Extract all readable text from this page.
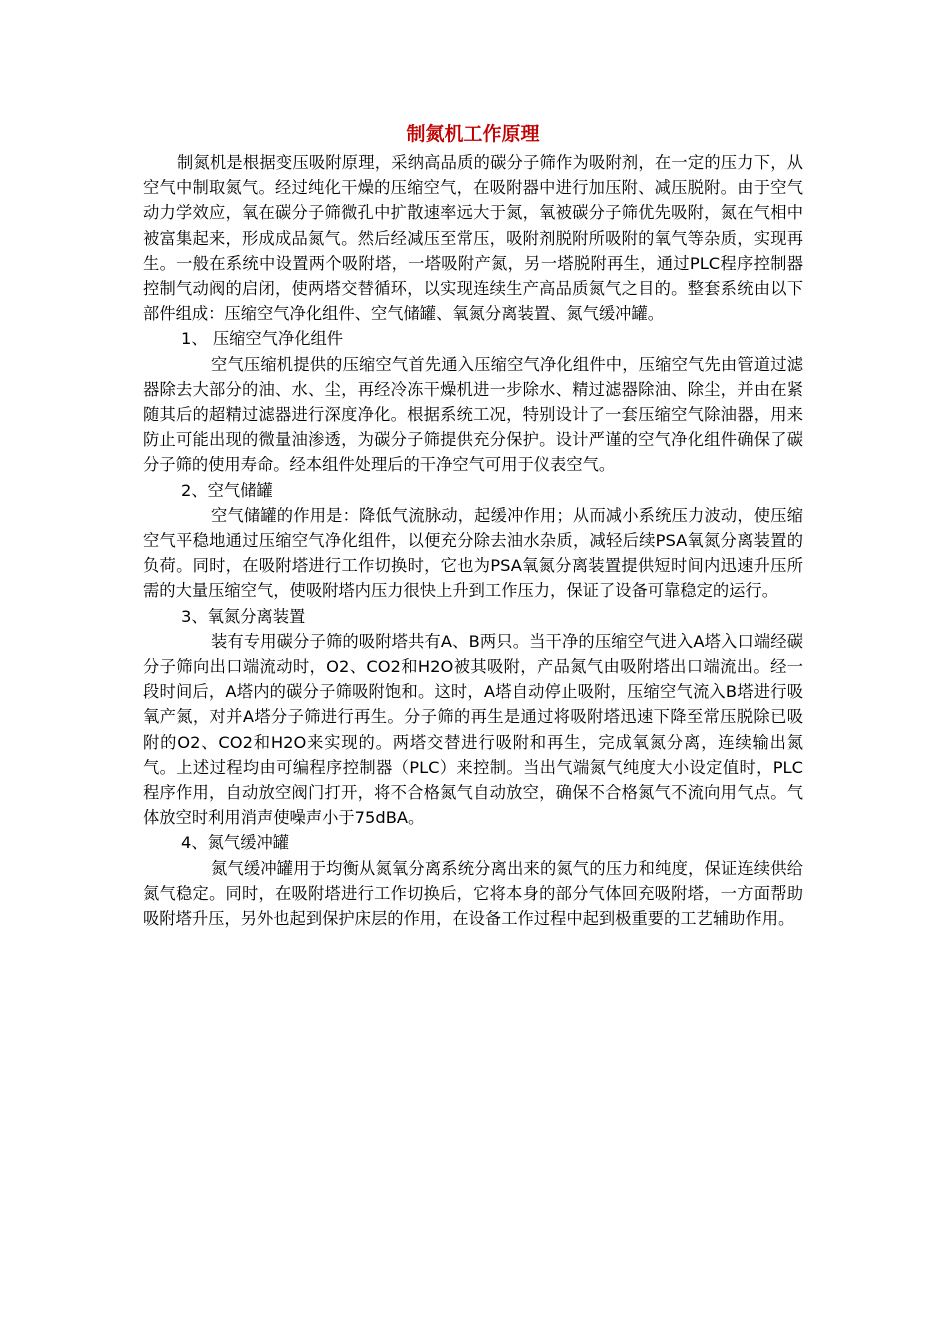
制氮机工作原理

制氮机是根据变压吸附原理，采纳高品质的碳分子筛作为吸附剂，在一定的压力下，从空气中制取氮气。经过纯化干燥的压缩空气，在吸附器中进行加压附、减压脱附。由于空气动力学效应，氧在碳分子筛微孔中扩散速率远大于氮，氧被碳分子筛优先吸附，氮在气相中被富集起来，形成成品氮气。然后经减压至常压，吸附剂脱附所吸附的氧气等杂质，实现再生。一般在系统中设置两个吸附塔，一塔吸附产氮，另一塔脱附再生，通过PLC程序控制器控制气动阀的启闭，使两塔交替循环，以实现连续生产高品质氮气之目的。整套系统由以下部件组成：压缩空气净化组件、空气储罐、氧氮分离装置、氮气缓冲罐。

1、 压缩空气净化组件

空气压缩机提供的压缩空气首先通入压缩空气净化组件中，压缩空气先由管道过滤器除去大部分的油、水、尘，再经冷冻干燥机进一步除水、精过滤器除油、除尘，并由在紧随其后的超精过滤器进行深度净化。根据系统工况，特别设计了一套压缩空气除油器，用来防止可能出现的微量油渗透，为碳分子筛提供充分保护。设计严谨的空气净化组件确保了碳分子筛的使用寿命。经本组件处理后的干净空气可用于仪表空气。

2、空气储罐

空气储罐的作用是：降低气流脉动，起缓冲作用；从而减小系统压力波动，使压缩空气平稳地通过压缩空气净化组件，以便充分除去油水杂质，减轻后续PSA氧氮分离装置的负荷。同时，在吸附塔进行工作切换时，它也为PSA氧氮分离装置提供短时间内迅速升压所需的大量压缩空气，使吸附塔内压力很快上升到工作压力，保证了设备可靠稳定的运行。

3、氧氮分离装置

装有专用碳分子筛的吸附塔共有A、B两只。当干净的压缩空气进入A塔入口端经碳分子筛向出口端流动时，O2、CO2和H2O被其吸附，产品氮气由吸附塔出口端流出。经一段时间后，A塔内的碳分子筛吸附饱和。这时，A塔自动停止吸附，压缩空气流入B塔进行吸氧产氮，对并A塔分子筛进行再生。分子筛的再生是通过将吸附塔迅速下降至常压脱除已吸附的O2、CO2和H2O来实现的。两塔交替进行吸附和再生，完成氧氮分离，连续输出氮气。上述过程均由可编程序控制器（PLC）来控制。当出气端氮气纯度大小设定值时，PLC程序作用，自动放空阀门打开，将不合格氮气自动放空，确保不合格氮气不流向用气点。气体放空时利用消声使噪声小于75dBA。

4、氮气缓冲罐

氮气缓冲罐用于均衡从氮氧分离系统分离出来的氮气的压力和纯度，保证连续供给氮气稳定。同时，在吸附塔进行工作切换后，它将本身的部分气体回充吸附塔，一方面帮助吸附塔升压，另外也起到保护床层的作用，在设备工作过程中起到极重要的工艺辅助作用。
